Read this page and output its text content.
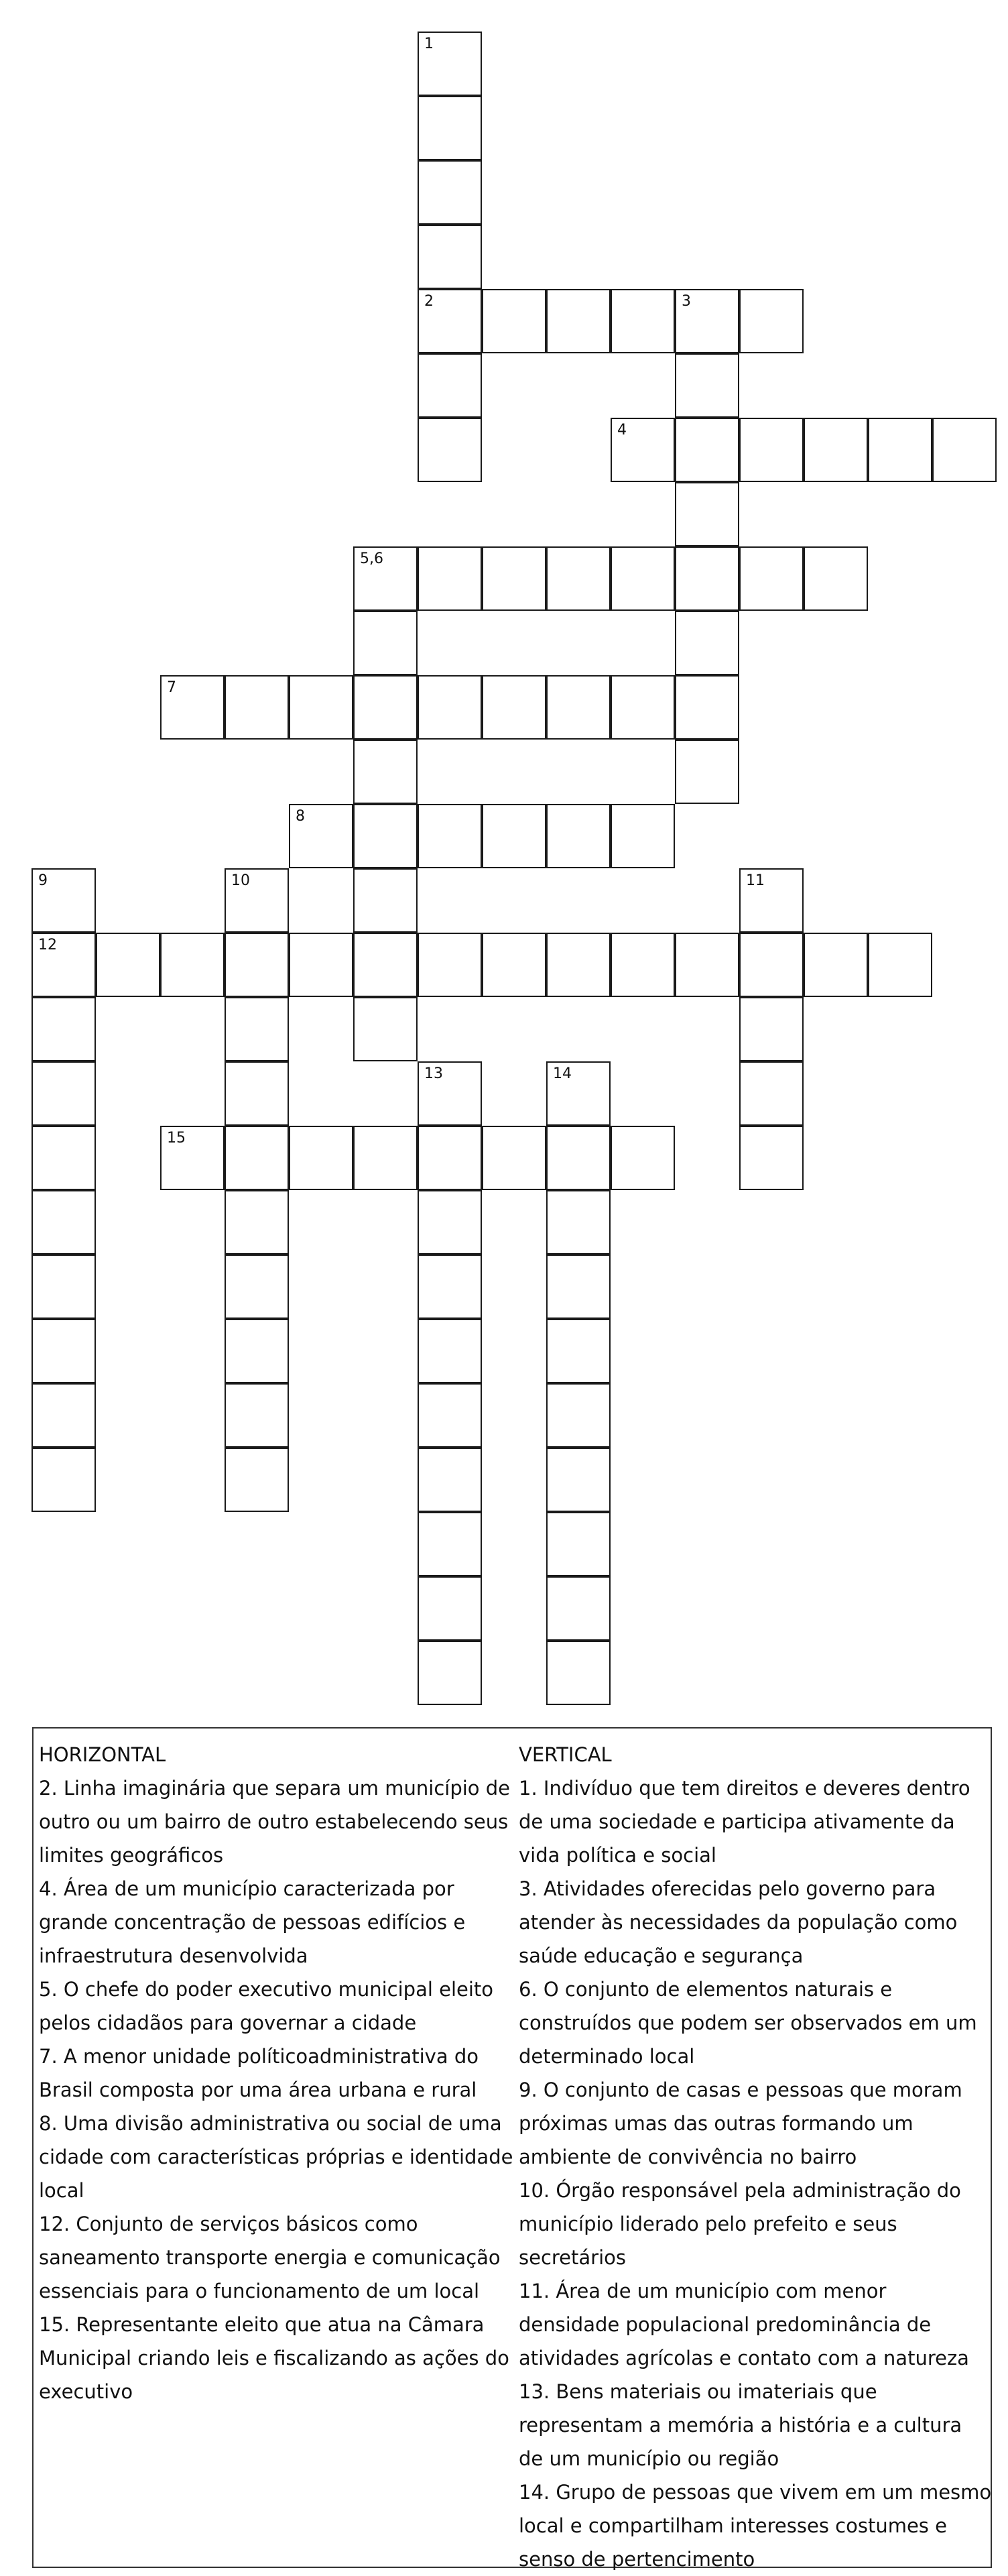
1
2	3
4
5,6
7
8
9
12
10	11
13	14
15
HORIZONTAL
2. Linha imaginária que separa um município de outro ou um bairro de outro estabelecendo seus limites geográficos
4. Área de um município caracterizada por grande concentração de pessoas edifícios e infraestrutura desenvolvida
5. O chefe do poder executivo municipal eleito pelos cidadãos para governar a cidade
7. A menor unidade políticoadministrativa do Brasil composta por uma área urbana e rural
8. Uma divisão administrativa ou social de uma cidade com características próprias e identidade local
12. Conjunto de serviços básicos como saneamento transporte energia e comunicação essenciais para o funcionamento de um local
15. Representante eleito que atua na Câmara Municipal criando leis e fiscalizando as ações do executivo
VERTICAL
1. Indivíduo que tem direitos e deveres dentro de uma sociedade e participa ativamente da vida política e social
3. Atividades oferecidas pelo governo para atender às necessidades da população como saúde educação e segurança
6. O conjunto de elementos naturais e construídos que podem ser observados em um determinado local
9. O conjunto de casas e pessoas que moram próximas umas das outras formando um ambiente de convivência no bairro
10. Órgão responsável pela administração do município liderado pelo prefeito e seus secretários
11. Área de um município com menor densidade populacional predominância de atividades agrícolas e contato com a natureza
13. Bens materiais ou imateriais que representam a memória a história e a cultura de um município ou região
14. Grupo de pessoas que vivem em um mesmo local e compartilham interesses costumes e senso de pertencimento
